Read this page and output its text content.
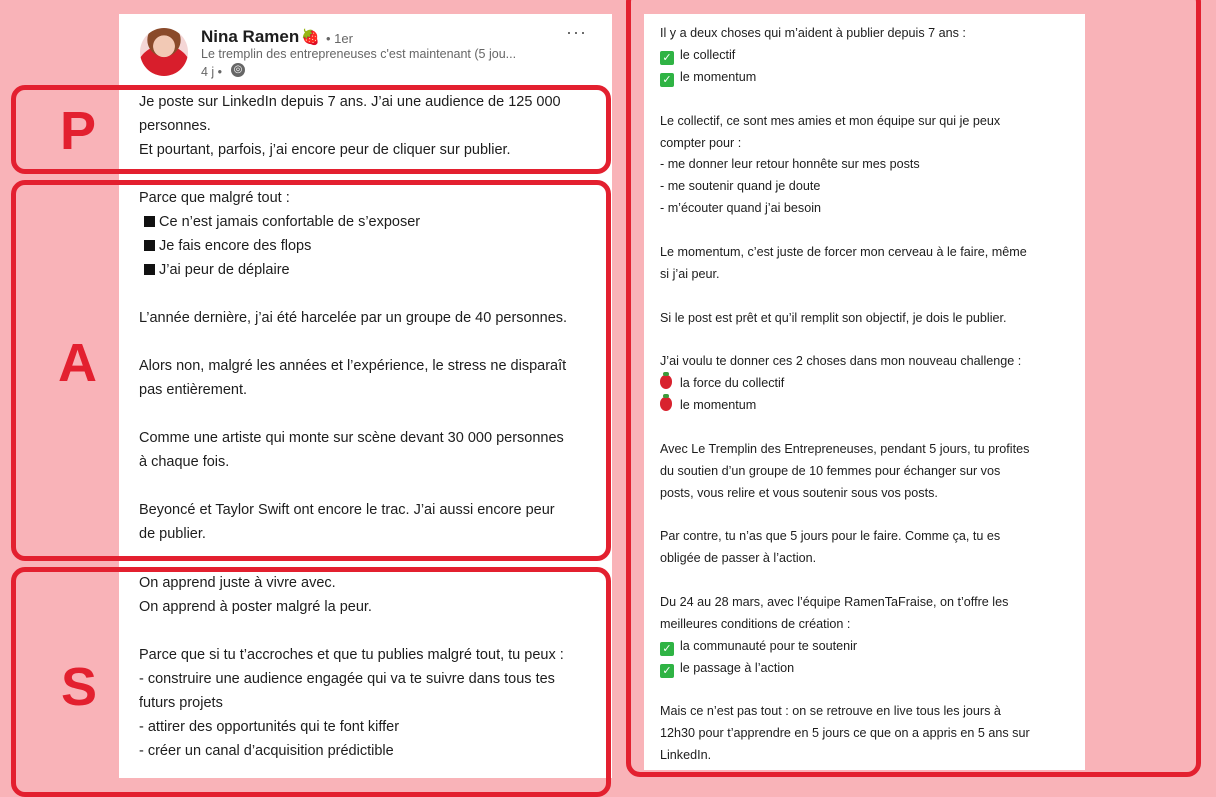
Nina Ramen 🍓 • 1er
Le tremplin des entrepreneuses c'est maintenant (5 jou...
4 j • ◎
···
Je poste sur LinkedIn depuis 7 ans. J’ai une audience de 125 000
personnes.
Et pourtant, parfois, j’ai encore peur de cliquer sur publier.
Parce que malgré tout :
Ce n’est jamais confortable de s’exposer
Je fais encore des flops
J’ai peur de déplaire
L’année dernière, j’ai été harcelée par un groupe de 40 personnes.
Alors non, malgré les années et l’expérience, le stress ne disparaît
pas entièrement.
Comme une artiste qui monte sur scène devant 30 000 personnes
à chaque fois.
Beyoncé et Taylor Swift ont encore le trac. J’ai aussi encore peur
de publier.
On apprend juste à vivre avec.
On apprend à poster malgré la peur.
Parce que si tu t’accroches et que tu publies malgré tout, tu peux :
- construire une audience engagée qui va te suivre dans tous tes
futurs projets
- attirer des opportunités qui te font kiffer
- créer un canal d’acquisition prédictible
Il y a deux choses qui m’aident à publier depuis 7 ans :
✓ le collectif
✓ le momentum
Le collectif, ce sont mes amies et mon équipe sur qui je peux
compter pour :
- me donner leur retour honnête sur mes posts
- me soutenir quand je doute
- m’écouter quand j’ai besoin
Le momentum, c’est juste de forcer mon cerveau à le faire, même
si j’ai peur.
Si le post est prêt et qu’il remplit son objectif, je dois le publier.
J’ai voulu te donner ces 2 choses dans mon nouveau challenge :
la force du collectif
le momentum
Avec Le Tremplin des Entrepreneuses, pendant 5 jours, tu profites
du soutien d’un groupe de 10 femmes pour échanger sur vos
posts, vous relire et vous soutenir sous vos posts.
Par contre, tu n’as que 5 jours pour le faire. Comme ça, tu es
obligée de passer à l’action.
Du 24 au 28 mars, avec l’équipe RamenTaFraise, on t’offre les
meilleures conditions de création :
✓ la communauté pour te soutenir
✓ le passage à l’action
Mais ce n’est pas tout : on se retrouve en live tous les jours à
12h30 pour t’apprendre en 5 jours ce que on a appris en 5 ans sur
LinkedIn.
P
A
S
